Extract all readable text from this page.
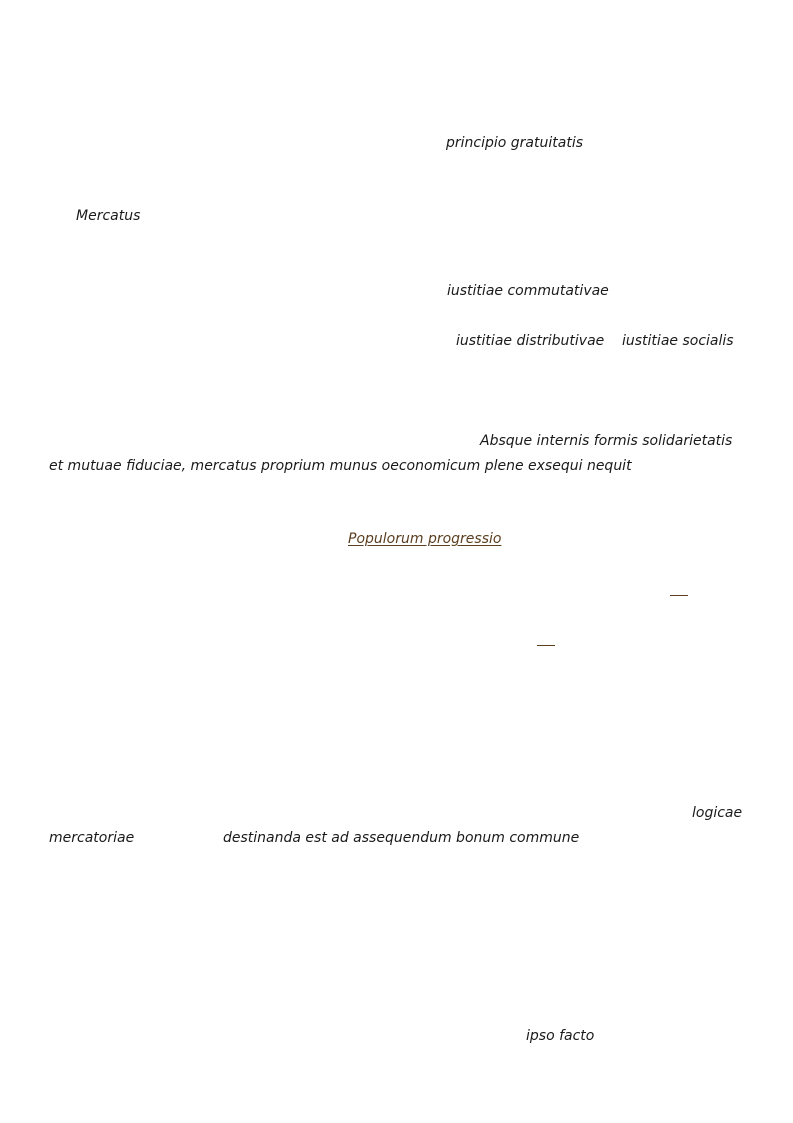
principio gratuitatis
Mercatus
iustitiae commutativae
iustitiae distributivae iustitiae socialis
Absque internis formis solidarietatis
et mutuae fiduciae, mercatus proprium munus oeconomicum plene exsequi nequit
Populorum progressio
logicae
mercatoriae	destinanda est ad assequendum bonum commune
ipso facto
